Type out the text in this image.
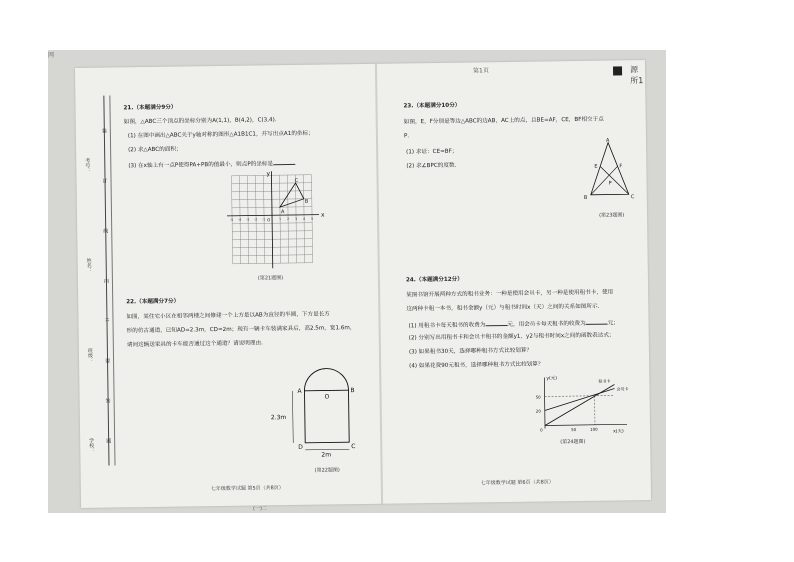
网
第1页	源所1
考号：
姓名：
班级：
学校：
装
订
线
内
不
要
答
题
21.（本题满分9分）
如图，△ABC三个顶点的坐标分别为A(1,1)，B(4,2)，C(3,4)．
(1) 在图中画出△ABC关于y轴对称的图形△A1B1C1，并写出点A1的坐标；
(2) 求△ABC的面积；
(3) 在x轴上有一点P使得PA+PB的值最小，则点P的坐标是
x
y
O
A
B
C
-5 -4 -3 -2 -1	1 2 3 4 5
(第21题图)
22.（本题满分7分）
如图，某住宅小区在相邻两楼之间修建一个上方是以AB为直径的半圆，下方是长方
形的仿古通道，已知AD=2.3m，CD=2m；现有一辆卡车装满家具后，高2.5m，宽1.6m，
请问这辆送家具的卡车能否通过这个通道？请说明理由．
A	B
C
D
O
2.3m
2m
(第22题图)
23.（本题满分10分）
如图，E，F分别是等边△ABC的边AB，AC上的点，且BE=AF，CE，BF相交于点
P．
(1) 求证：CE=BF；
(2) 求∠BPC的度数．
A
B	C
E	F
P
(第23题图)
24.（本题满分12分）
某图书馆开展两种方式的租书业务：一种是使用会员卡，另一种是使用租书卡，使用
这两种卡租一本书，租书金额y（元）与租书时间x（天）之间的关系如图所示．
(1) 用租书卡每天租书的收费为	元，用会员卡每天租书的收费为	元；
(2) 分别写出用租书卡和会员卡租书的金额y1，y2与租书时间x之间的函数表达式；
(3) 如果租书30天，选择哪种租书方式比较划算？
(4) 如果花费90元租书，选择哪种租书方式比较划算？
y(元)
x(天)
50
20
0	50	100
租书卡
会员卡
(第24题图)
七年级数学试题 第5页（共8页）
七年级数学试题 第6页（共8页）
(一)二
